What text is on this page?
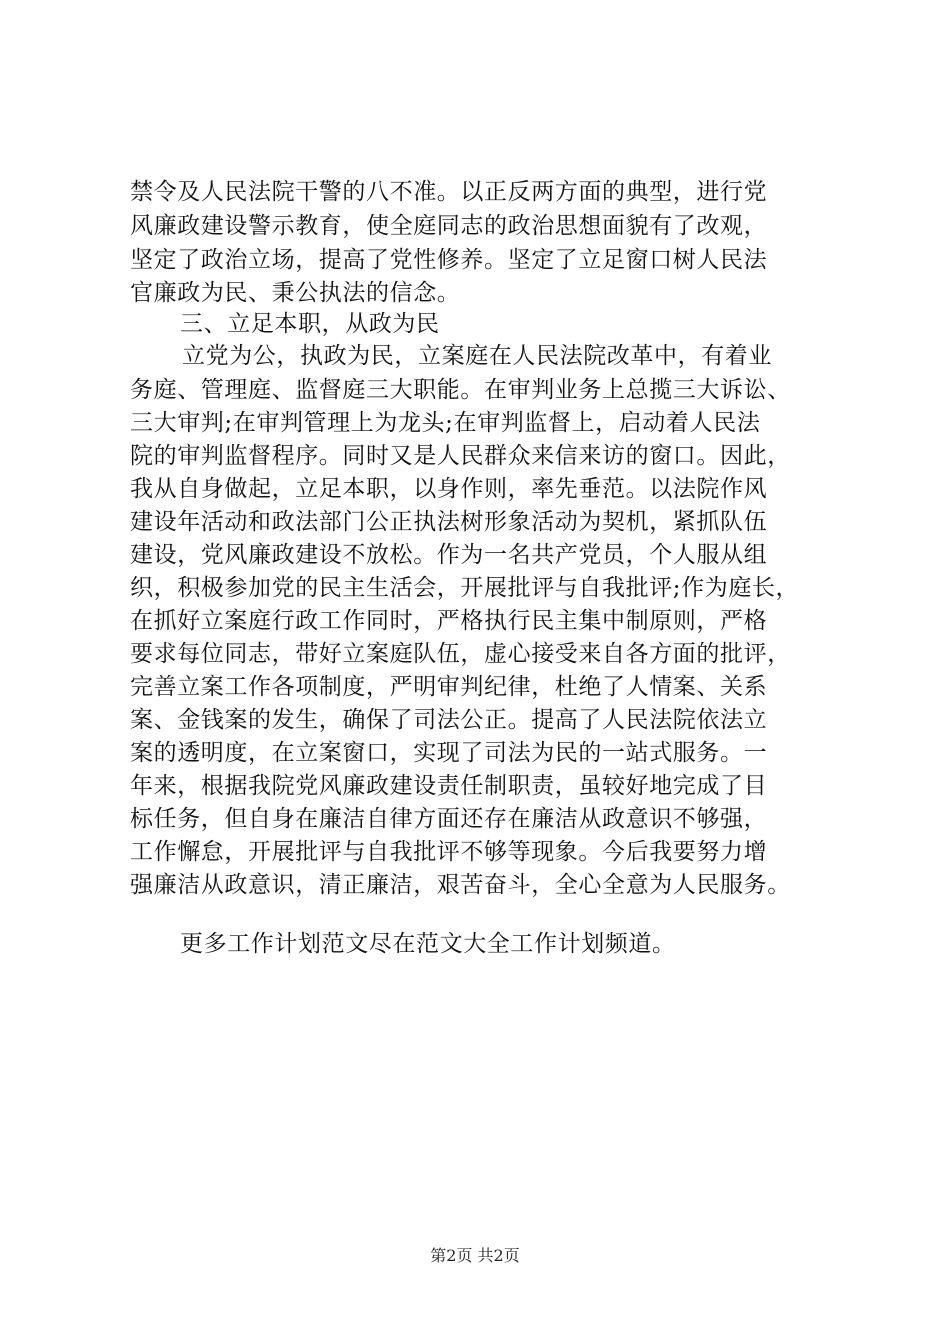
禁令及人民法院干警的八不准。以正反两方面的典型，进行党
风廉政建设警示教育，使全庭同志的政治思想面貌有了改观，
坚定了政治立场，提高了党性修养。坚定了立足窗口树人民法
官廉政为民、秉公执法的信念。
三、立足本职，从政为民
立党为公，执政为民，立案庭在人民法院改革中，有着业
务庭、管理庭、监督庭三大职能。在审判业务上总揽三大诉讼、
三大审判;在审判管理上为龙头;在审判监督上，启动着人民法
院的审判监督程序。同时又是人民群众来信来访的窗口。因此，
我从自身做起，立足本职，以身作则，率先垂范。以法院作风
建设年活动和政法部门公正执法树形象活动为契机，紧抓队伍
建设，党风廉政建设不放松。作为一名共产党员，个人服从组
织，积极参加党的民主生活会，开展批评与自我批评;作为庭长，
在抓好立案庭行政工作同时，严格执行民主集中制原则，严格
要求每位同志，带好立案庭队伍，虚心接受来自各方面的批评，
完善立案工作各项制度，严明审判纪律，杜绝了人情案、关系
案、金钱案的发生，确保了司法公正。提高了人民法院依法立
案的透明度，在立案窗口，实现了司法为民的一站式服务。一
年来，根据我院党风廉政建设责任制职责，虽较好地完成了目
标任务，但自身在廉洁自律方面还存在廉洁从政意识不够强，
工作懈怠，开展批评与自我批评不够等现象。今后我要努力增
强廉洁从政意识，清正廉洁，艰苦奋斗，全心全意为人民服务。
更多工作计划范文尽在范文大全工作计划频道。
第2页 共2页
